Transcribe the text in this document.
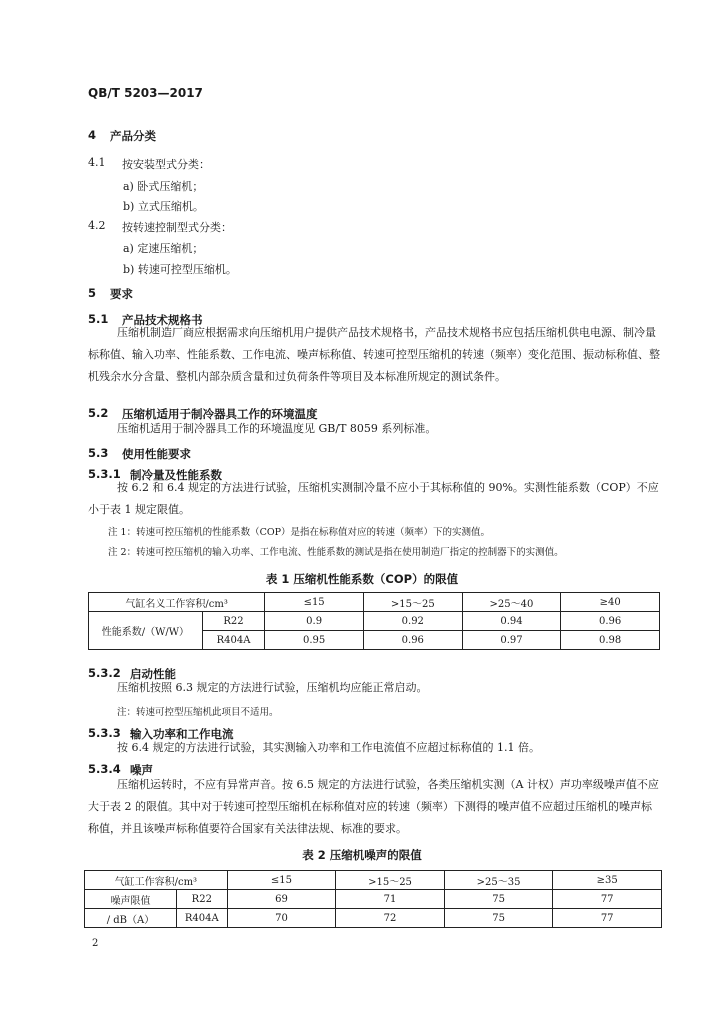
QB/T 5203—2017
4 产品分类
4.1 按安装型式分类：
a) 卧式压缩机；
b) 立式压缩机。
4.2 按转速控制型式分类：
a) 定速压缩机；
b) 转速可控型压缩机。
5 要求
5.1 产品技术规格书
压缩机制造厂商应根据需求向压缩机用户提供产品技术规格书，产品技术规格书应包括压缩机供电电源、制冷量标称值、输入功率、性能系数、工作电流、噪声标称值、转速可控型压缩机的转速（频率）变化范围、振动标称值、整机残余水分含量、整机内部杂质含量和过负荷条件等项目及本标准所规定的测试条件。
5.2 压缩机适用于制冷器具工作的环境温度
压缩机适用于制冷器具工作的环境温度见 GB/T 8059 系列标准。
5.3 使用性能要求
5.3.1 制冷量及性能系数
按 6.2 和 6.4 规定的方法进行试验，压缩机实测制冷量不应小于其标称值的 90%。实测性能系数（COP）不应小于表 1 规定限值。
注 1：转速可控压缩机的性能系数（COP）是指在标称值对应的转速（频率）下的实测值。
注 2：转速可控压缩机的输入功率、工作电流、性能系数的测试是指在使用制造厂指定的控制器下的实测值。
表 1 压缩机性能系数（COP）的限值
气缸名义工作容积/cm³		≤15	>15～25	>25～40	≥40
性能系数/（W/W）	R22	0.9	0.92	0.94	0.96
	R404A	0.95	0.96	0.97	0.98
5.3.2 启动性能
压缩机按照 6.3 规定的方法进行试验，压缩机均应能正常启动。
注：转速可控型压缩机此项目不适用。
5.3.3 输入功率和工作电流
按 6.4 规定的方法进行试验，其实测输入功率和工作电流值不应超过标称值的 1.1 倍。
5.3.4 噪声
压缩机运转时，不应有异常声音。按 6.5 规定的方法进行试验，各类压缩机实测（A 计权）声功率级噪声值不应大于表 2 的限值。其中对于转速可控型压缩机在标称值对应的转速（频率）下测得的噪声值不应超过压缩机的噪声标称值，并且该噪声标称值要符合国家有关法律法规、标准的要求。
表 2 压缩机噪声的限值
气缸工作容积/cm³		≤15	>15～25	>25～35	≥35
噪声限值	R22	69	71	75	77
/ dB（A）	R404A	70	72	75	77
2
